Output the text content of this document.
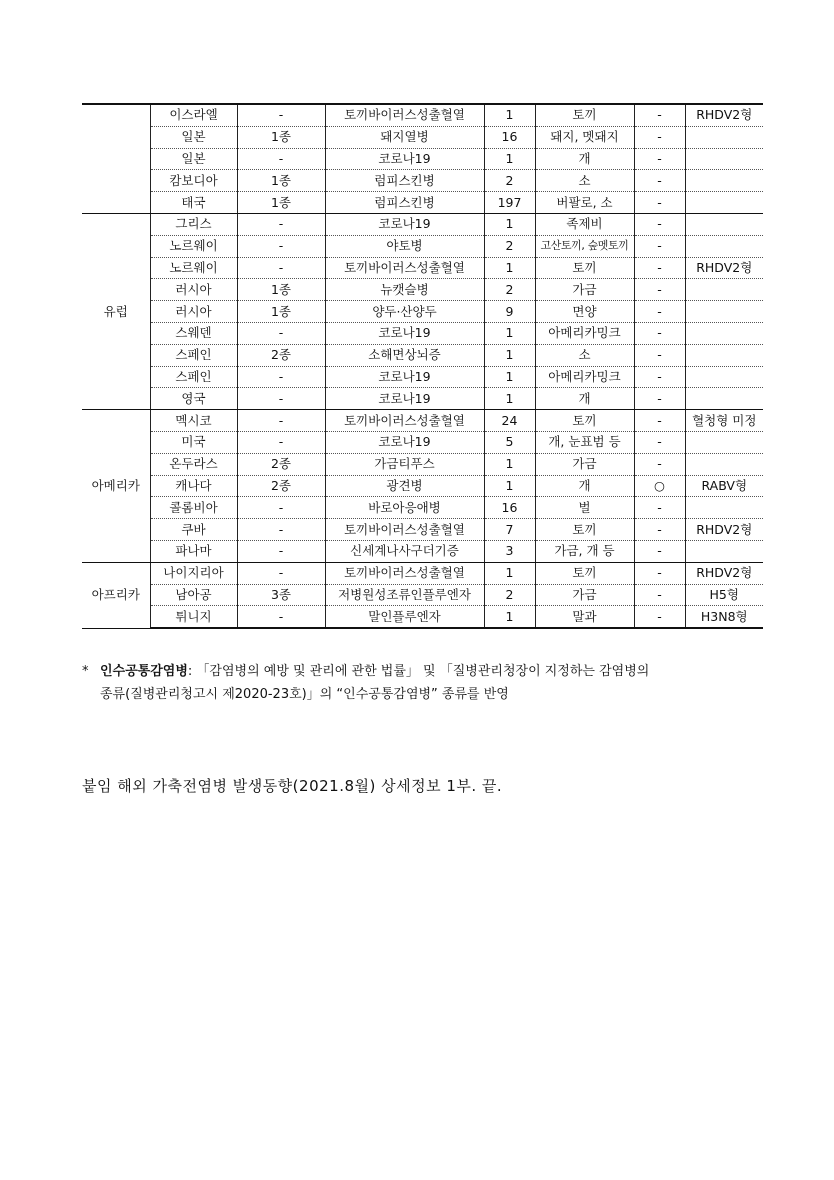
	이스라엘	-	토끼바이러스성출혈열	1	토끼	-	RHDV2형
	일본	1종	돼지열병	16	돼지, 멧돼지	-	
	일본	-	코로나19	1	개	-	
	캄보디아	1종	럼피스킨병	2	소	-	
	태국	1종	럼피스킨병	197	버팔로, 소	-	
유럽	그리스	-	코로나19	1	족제비	-	
	노르웨이	-	야토병	2	고산토끼, 숲멧토끼	-	
	노르웨이	-	토끼바이러스성출혈열	1	토끼	-	RHDV2형
	러시아	1종	뉴캣슬병	2	가금	-	
	러시아	1종	양두·산양두	9	면양	-	
	스웨덴	-	코로나19	1	아메리카밍크	-	
	스페인	2종	소해면상뇌증	1	소	-	
	스페인	-	코로나19	1	아메리카밍크	-	
	영국	-	코로나19	1	개	-	
아메리카	멕시코	-	토끼바이러스성출혈열	24	토끼	-	혈청형 미정
	미국	-	코로나19	5	개, 눈표범 등	-	
	온두라스	2종	가금티푸스	1	가금	-	
	캐나다	2종	광견병	1	개	○	RABV형
	콜롬비아	-	바로아응애병	16	벌	-	
	쿠바	-	토끼바이러스성출혈열	7	토끼	-	RHDV2형
	파나마	-	신세계나사구더기증	3	가금, 개 등	-	
아프리카	나이지리아	-	토끼바이러스성출혈열	1	토끼	-	RHDV2형
	남아공	3종	저병원성조류인플루엔자	2	가금	-	H5형
	튀니지	-	말인플루엔자	1	말과	-	H3N8형
* 인수공통감염병: 「감염병의 예방 및 관리에 관한 법률」 및 「질병관리청장이 지정하는 감염병의
종류(질병관리청고시 제2020-23호)」의 “인수공통감염병” 종류를 반영
붙임 해외 가축전염병 발생동향(2021.8월) 상세정보 1부. 끝.
